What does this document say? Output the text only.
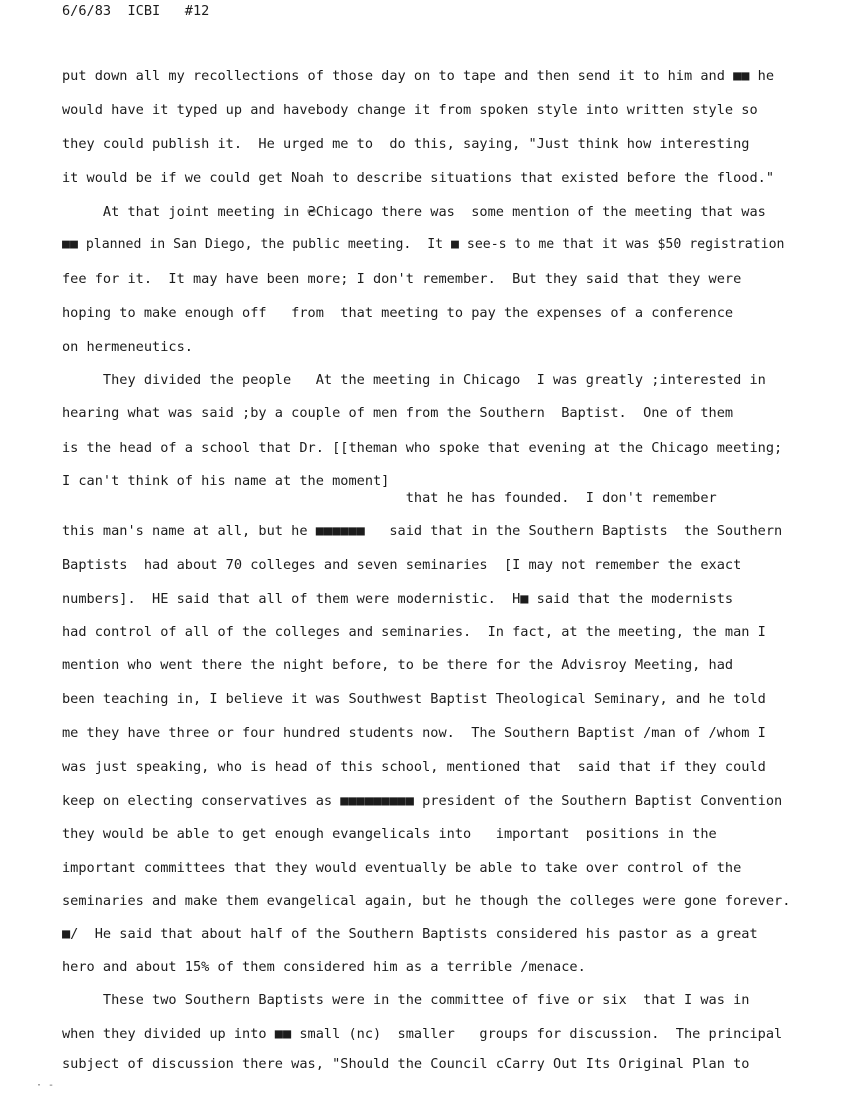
6/6/83  ICBI   #12
put down all my recollections of those day on to tape and then send it to him and ■■ he
would have it typed up and havebody change it from spoken style into written style so
they could publish it.  He urged me to  do this, saying, "Just think how interesting
it would be if we could get Noah to describe situations that existed before the flood."
At that joint meeting in ₴Chicago there was  some mention of the meeting that was
■■ planned in San Diego, the public meeting.  It ■ see-s to me that it was $50 registration
fee for it.  It may have been more; I don't remember.  But they said that they were
hoping to make enough off   from  that meeting to pay the expenses of a conference
on hermeneutics.
They divided the people   At the meeting in Chicago  I was greatly ;interested in
hearing what was said ;by a couple of men from the Southern  Baptist.  One of them
is the head of a school that Dr. [[theman who spoke that evening at the Chicago meeting;
I can't think of his name at the moment]
that he has founded.  I don't remember
this man's name at all, but he ■■■■■■   said that in the Southern Baptists  the Southern
Baptists  had about 70 colleges and seven seminaries  [I may not remember the exact
numbers].  HE said that all of them were modernistic.  H■ said that the modernists
had control of all of the colleges and seminaries.  In fact, at the meeting, the man I
mention who went there the night before, to be there for the Advisroy Meeting, had
been teaching in, I believe it was Southwest Baptist Theological Seminary, and he told
me they have three or four hundred students now.  The Southern Baptist /man of /whom I
was just speaking, who is head of this school, mentioned that  said that if they could
keep on electing conservatives as ■■■■■■■■■ president of the Southern Baptist Convention
they would be able to get enough evangelicals into   important  positions in the
important committees that they would eventually be able to take over control of the
seminaries and make them evangelical again, but he though the colleges were gone forever.
■/  He said that about half of the Southern Baptists considered his pastor as a great
hero and about 15% of them considered him as a terrible /menace.
These two Southern Baptists were in the committee of five or six  that I was in
when they divided up into ■■ small (nc)  smaller   groups for discussion.  The principal
subject of discussion there was, "Should the Council cCarry Out Its Original Plan to
· -
